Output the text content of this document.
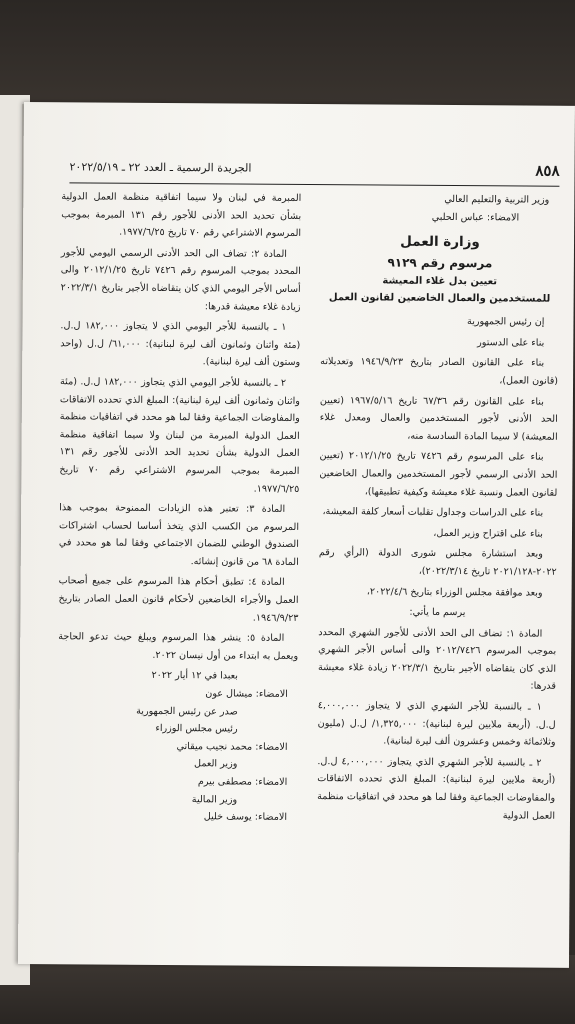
٨٥٨
الجريدة الرسمية ـ العدد ٢٢ ـ ٢٠٢٢/٥/١٩

وزير التربية والتعليم العالي

الامضاء: عباس الحلبي

وزارة العمل

مرسوم رقم ٩١٢٩

تعيين بدل غلاء المعيشة

للمستخدمين والعمال الخاضعين لقانون العمل

إن رئيس الجمهورية

بناء على الدستور

بناء على القانون الصادر بتاريخ ١٩٤٦/٩/٢٣ وتعديلاته (قانون العمل)،

بناء على القانون رقم ٦٧/٣٦ تاريخ ١٩٦٧/٥/١٦ (تعيين الحد الأدنى لأجور المستخدمين والعمال ومعدل غلاء المعيشة) لا سيما المادة السادسة منه،

بناء على المرسوم رقم ٧٤٢٦ تاريخ ٢٠١٢/١/٢٥ (تعيين الحد الأدنى الرسمي لأجور المستخدمين والعمال الخاضعين لقانون العمل ونسبة غلاء معيشة وكيفية تطبيقها)،

بناء على الدراسات وجداول تقلبات أسعار كلفة المعيشة،

بناء على اقتراح وزير العمل،

وبعد استشارة مجلس شورى الدولة (الرأي رقم ٢٠٢٢-٢٠٢١/١٢٨ تاريخ ٢٠٢٢/٣/١٤)،

وبعد موافقة مجلس الوزراء بتاريخ ٢٠٢٢/٤/٦،

يرسم ما يأتي:

المادة ١: تضاف الى الحد الأدنى للأجور الشهري المحدد بموجب المرسوم ٢٠١٢/٧٤٢٦ والى أساس الأجر الشهري الذي كان يتقاضاه الأجير بتاريخ ٢٠٢٢/٣/١ زيادة غلاء معيشة قدرها:

١ ـ بالنسبة للأجر الشهري الذي لا يتجاوز ٤,٠٠٠,٠٠٠ ل.ل. (أربعة ملايين ليرة لبنانية): ١,٣٢٥,٠٠٠/ ل.ل (مليون وثلاثمائة وخمس وعشرون ألف ليرة لبنانية).

٢ ـ بالنسبة للأجر الشهري الذي يتجاوز ٤,٠٠٠,٠٠٠ ل.ل. (أربعة ملايين ليرة لبنانية): المبلغ الذي تحدده الاتفاقات والمفاوضات الجماعية وفقا لما هو محدد في اتفاقيات منظمة العمل الدولية

المبرمة في لبنان ولا سيما اتفاقية منظمة العمل الدولية بشأن تحديد الحد الأدنى للأجور رقم ١٣١ المبرمة بموجب المرسوم الاشتراعي رقم ٧٠ تاريخ ١٩٧٧/٦/٢٥.

المادة ٢: تضاف الى الحد الأدنى الرسمي اليومي للأجور المحدد بموجب المرسوم رقم ٧٤٢٦ تاريخ ٢٠١٢/١/٢٥ والى أساس الأجر اليومي الذي كان يتقاضاه الأجير بتاريخ ٢٠٢٢/٣/١ زيادة غلاء معيشة قدرها:

١ ـ بالنسبة للأجر اليومي الذي لا يتجاوز ١٨٢,٠٠٠ ل.ل. (مئة واثنان وثمانون ألف ليرة لبنانية): ٦١,٠٠٠/ ل.ل (واحد وستون ألف ليرة لبنانية).

٢ ـ بالنسبة للأجر اليومي الذي يتجاوز ١٨٢,٠٠٠ ل.ل. (مئة واثنان وثمانون ألف ليرة لبنانية): المبلغ الذي تحدده الاتفاقات والمفاوضات الجماعية وفقا لما هو محدد في اتفاقيات منظمة العمل الدولية المبرمة من لبنان ولا سيما اتفاقية منظمة العمل الدولية بشأن تحديد الحد الأدنى للأجور رقم ١٣١ المبرمة بموجب المرسوم الاشتراعي رقم ٧٠ تاريخ ١٩٧٧/٦/٢٥.

المادة ٣: تعتبر هذه الزيادات الممنوحة بموجب هذا المرسوم من الكسب الذي يتخذ أساسا لحساب اشتراكات الصندوق الوطني للضمان الاجتماعي وفقا لما هو محدد في المادة ٦٨ من قانون إنشائه.

المادة ٤: تطبق أحكام هذا المرسوم على جميع أصحاب العمل والأجراء الخاضعين لأحكام قانون العمل الصادر بتاريخ ١٩٤٦/٩/٢٣.

المادة ٥: ينشر هذا المرسوم ويبلغ حيث تدعو الحاجة ويعمل به ابتداء من أول نيسان ٢٠٢٢.

بعبدا في ١٢ أيار ٢٠٢٢

الامضاء: ميشال عون

صدر عن رئيس الجمهورية

رئيس مجلس الوزراء

الامضاء: محمد نجيب ميقاتي

وزير العمل

الامضاء: مصطفى بيرم

وزير المالية

الامضاء: يوسف خليل
